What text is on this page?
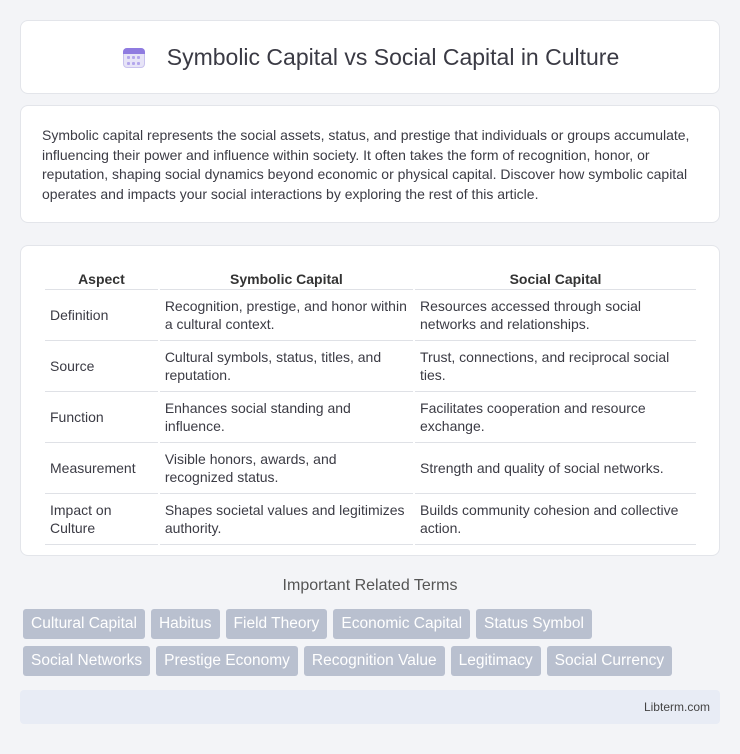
Symbolic Capital vs Social Capital in Culture

Symbolic capital represents the social assets, status, and prestige that individuals or groups accumulate, influencing their power and influence within society. It often takes the form of recognition, honor, or reputation, shaping social dynamics beyond economic or physical capital. Discover how symbolic capital operates and impacts your social interactions by exploring the rest of this article.

Aspect	Symbolic Capital	Social Capital
Definition	Recognition, prestige, and honor within a cultural context.	Resources accessed through social networks and relationships.
Source	Cultural symbols, status, titles, and reputation.	Trust, connections, and reciprocal social ties.
Function	Enhances social standing and influence.	Facilitates cooperation and resource exchange.
Measurement	Visible honors, awards, and recognized status.	Strength and quality of social networks.
Impact on Culture	Shapes societal values and legitimizes authority.	Builds community cohesion and collective action.
Important Related Terms
Cultural Capital	Habitus	Field Theory	Economic Capital	Status Symbol
Social Networks	Prestige Economy	Recognition Value	Legitimacy	Social Currency
Libterm.com
